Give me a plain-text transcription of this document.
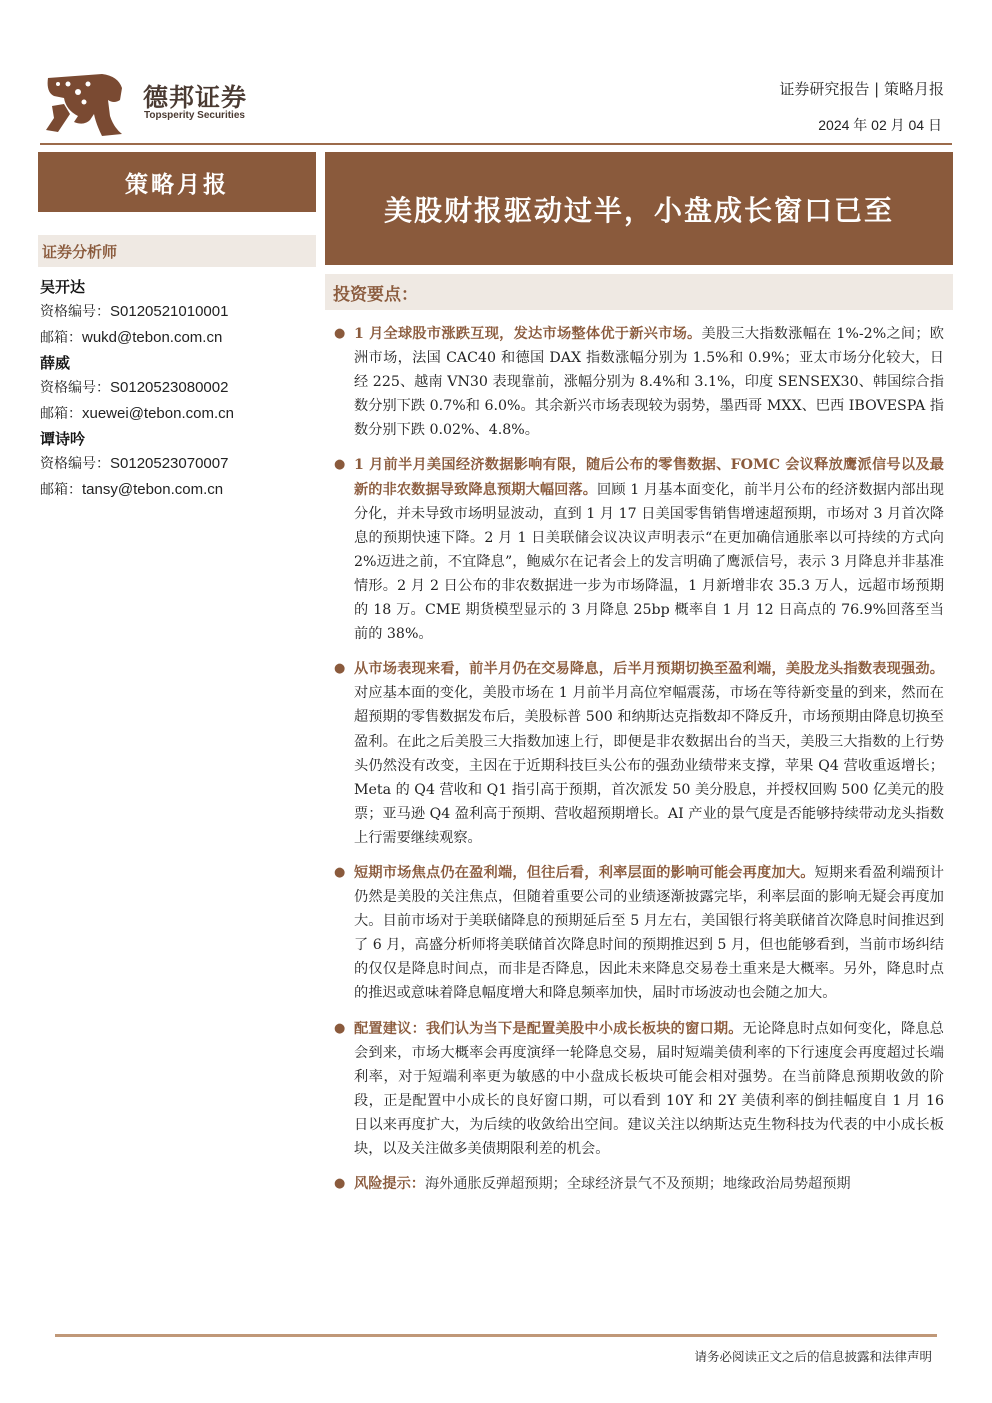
德邦证券
Topsperity Securities
证券研究报告 | 策略月报
2024 年 02 月 04 日
策略月报
证券分析师
吴开达
资格编号：S0120521010001
邮箱：wukd@tebon.com.cn
薛威
资格编号：S0120523080002
邮箱：xuewei@tebon.com.cn
谭诗吟
资格编号：S0120523070007
邮箱：tansy@tebon.com.cn
美股财报驱动过半，小盘成长窗口已至
投资要点：
● 1 月全球股市涨跌互现，发达市场整体优于新兴市场。美股三大指数涨幅在 1%-2%之间；欧洲市场，法国 CAC40 和德国 DAX 指数涨幅分别为 1.5%和 0.9%；亚太市场分化较大，日经 225、越南 VN30 表现靠前，涨幅分别为 8.4%和 3.1%，印度 SENSEX30、韩国综合指数分别下跌 0.7%和 6.0%。其余新兴市场表现较为弱势，墨西哥 MXX、巴西 IBOVESPA 指数分别下跌 0.02%、4.8%。
● 1 月前半月美国经济数据影响有限，随后公布的零售数据、FOMC 会议释放鹰派信号以及最新的非农数据导致降息预期大幅回落。回顾 1 月基本面变化，前半月公布的经济数据内部出现分化，并未导致市场明显波动，直到 1 月 17 日美国零售销售增速超预期，市场对 3 月首次降息的预期快速下降。2 月 1 日美联储会议决议声明表示“在更加确信通胀率以可持续的方式向 2%迈进之前，不宜降息”，鲍威尔在记者会上的发言明确了鹰派信号，表示 3 月降息并非基准情形。2 月 2 日公布的非农数据进一步为市场降温，1 月新增非农 35.3 万人，远超市场预期的 18 万。CME 期货模型显示的 3 月降息 25bp 概率自 1 月 12 日高点的 76.9%回落至当前的 38%。
● 从市场表现来看，前半月仍在交易降息，后半月预期切换至盈利端，美股龙头指数表现强劲。对应基本面的变化，美股市场在 1 月前半月高位窄幅震荡，市场在等待新变量的到来，然而在超预期的零售数据发布后，美股标普 500 和纳斯达克指数却不降反升，市场预期由降息切换至盈利。在此之后美股三大指数加速上行，即便是非农数据出台的当天，美股三大指数的上行势头仍然没有改变，主因在于近期科技巨头公布的强劲业绩带来支撑，苹果 Q4 营收重返增长；Meta 的 Q4 营收和 Q1 指引高于预期，首次派发 50 美分股息，并授权回购 500 亿美元的股票；亚马逊 Q4 盈利高于预期、营收超预期增长。AI 产业的景气度是否能够持续带动龙头指数上行需要继续观察。
● 短期市场焦点仍在盈利端，但往后看，利率层面的影响可能会再度加大。短期来看盈利端预计仍然是美股的关注焦点，但随着重要公司的业绩逐渐披露完毕，利率层面的影响无疑会再度加大。目前市场对于美联储降息的预期延后至 5 月左右，美国银行将美联储首次降息时间推迟到了 6 月，高盛分析师将美联储首次降息时间的预期推迟到 5 月，但也能够看到，当前市场纠结的仅仅是降息时间点，而非是否降息，因此未来降息交易卷土重来是大概率。另外，降息时点的推迟或意味着降息幅度增大和降息频率加快，届时市场波动也会随之加大。
● 配置建议：我们认为当下是配置美股中小成长板块的窗口期。无论降息时点如何变化，降息总会到来，市场大概率会再度演绎一轮降息交易，届时短端美债利率的下行速度会再度超过长端利率，对于短端利率更为敏感的中小盘成长板块可能会相对强势。在当前降息预期收敛的阶段，正是配置中小成长的良好窗口期，可以看到 10Y 和 2Y 美债利率的倒挂幅度自 1 月 16 日以来再度扩大，为后续的收敛给出空间。建议关注以纳斯达克生物科技为代表的中小成长板块，以及关注做多美债期限利差的机会。
● 风险提示：海外通胀反弹超预期；全球经济景气不及预期；地缘政治局势超预期
请务必阅读正文之后的信息披露和法律声明
